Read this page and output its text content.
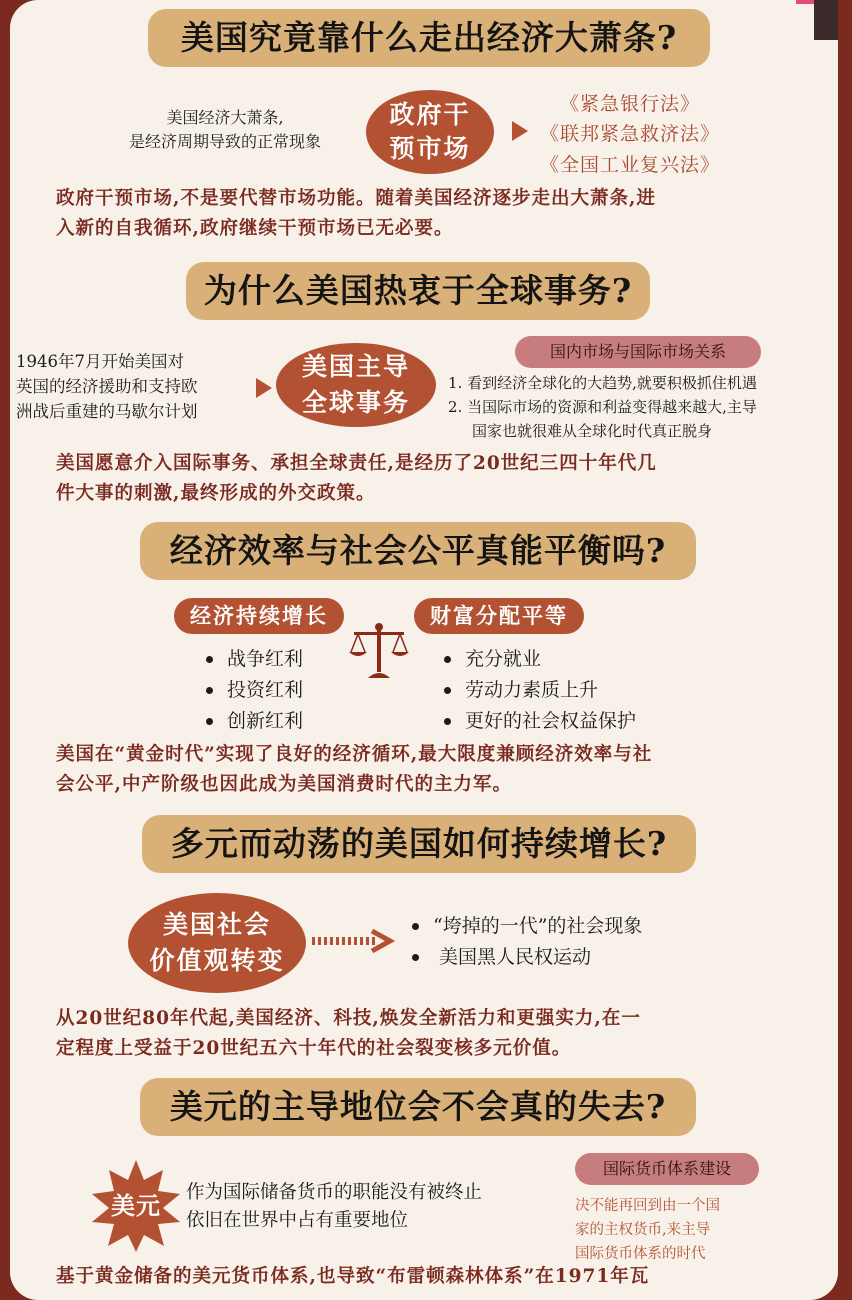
美国究竟靠什么走出经济大萧条?
美国经济大萧条,
是经济周期导致的正常现象
政府干
预市场
《紧急银行法》
《联邦紧急救济法》
《全国工业复兴法》
政府干预市场,不是要代替市场功能。随着美国经济逐步走出大萧条,进
入新的自我循环,政府继续干预市场已无必要。
为什么美国热衷于全球事务?
1946年7月开始美国对
英国的经济援助和支持欧
洲战后重建的马歇尔计划
美国主导
全球事务
国内市场与国际市场关系
1. 看到经济全球化的大趋势,就要积极抓住机遇
2. 当国际市场的资源和利益变得越来越大,主导
国家也就很难从全球化时代真正脱身
美国愿意介入国际事务、承担全球责任,是经历了20世纪三四十年代几
件大事的刺激,最终形成的外交政策。
经济效率与社会公平真能平衡吗?
经济持续增长	财富分配平等
战争红利
投资红利
创新红利
充分就业
劳动力素质上升
更好的社会权益保护
美国在“黄金时代”实现了良好的经济循环,最大限度兼顾经济效率与社
会公平,中产阶级也因此成为美国消费时代的主力军。
多元而动荡的美国如何持续增长?
美国社会
价值观转变
“垮掉的一代”的社会现象
美国黑人民权运动
从20世纪80年代起,美国经济、科技,焕发全新活力和更强实力,在一
定程度上受益于20世纪五六十年代的社会裂变核多元价值。
美元的主导地位会不会真的失去?
美元	作为国际储备货币的职能没有被终止
依旧在世界中占有重要地位
国际货币体系建设
决不能再回到由一个国
家的主权货币,来主导
国际货币体系的时代
基于黄金储备的美元货币体系,也导致“布雷顿森林体系”在1971年瓦
